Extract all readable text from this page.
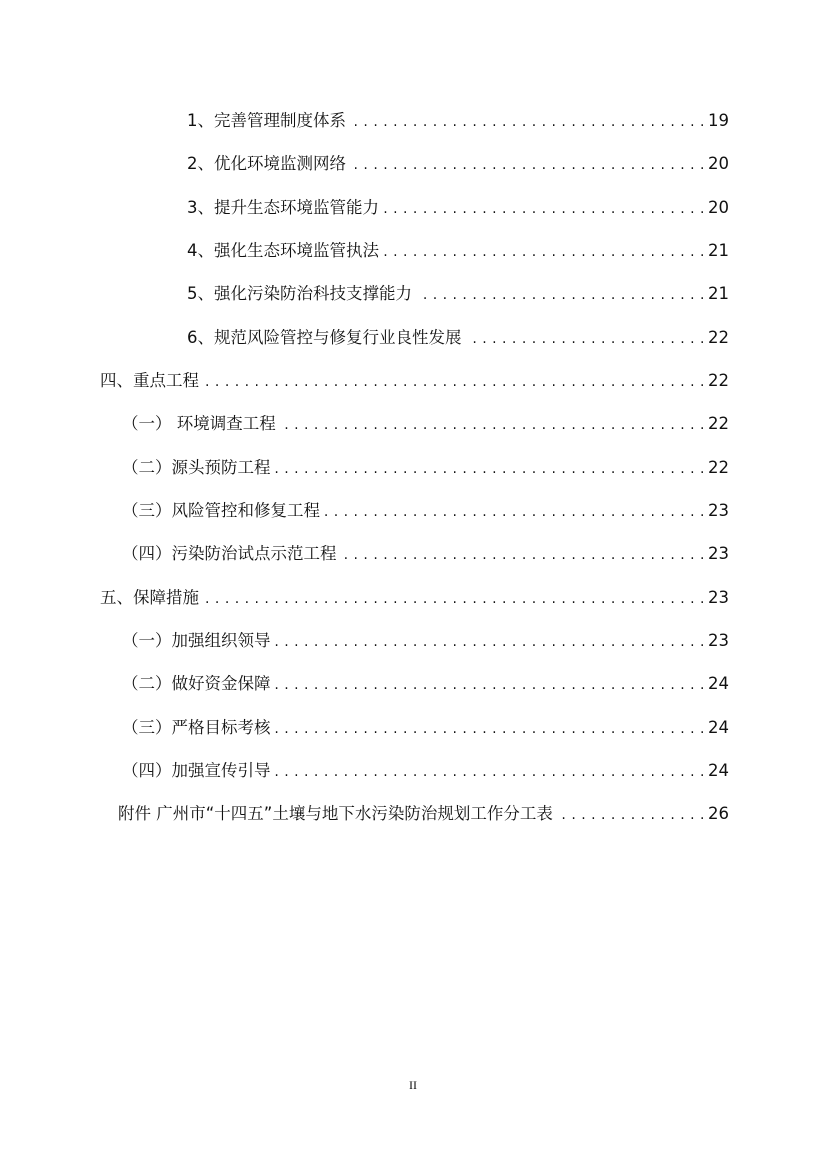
1、完善管理制度体系 . . .	19
2、优化环境监测网络 . . .	20
3、提升生态环境监管能力 . . .	20
4、强化生态环境监管执法 . . .	21
5、强化污染防治科技支撑能力 . . .	21
6、规范风险管控与修复行业良性发展 . . .	22
四、重点工程 . . .	22
（一） 环境调查工程 . . .	22
（二）源头预防工程 . . .	22
（三）风险管控和修复工程 . . .	23
（四）污染防治试点示范工程 . . .	23
五、保障措施 . . .	23
（一）加强组织领导 . . .	23
（二）做好资金保障 . . .	24
（三）严格目标考核 . . .	24
（四）加强宣传引导 . . .	24
附件 广州市“十四五”土壤与地下水污染防治规划工作分工表 . . .	26
II
